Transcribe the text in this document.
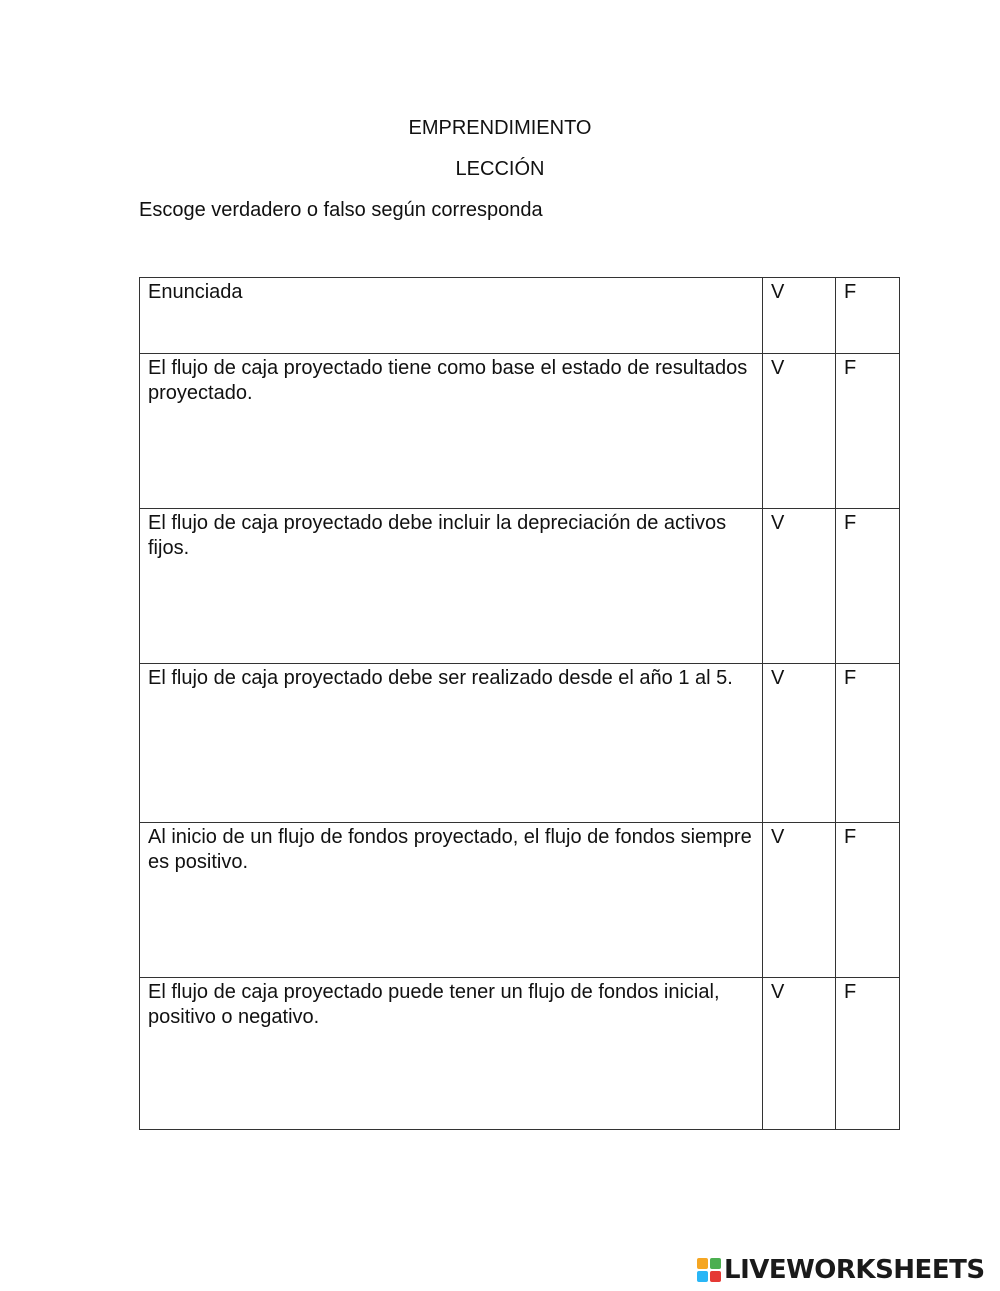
EMPRENDIMIENTO
LECCIÓN
Escoge verdadero o falso según corresponda
Enunciada	V	F
El flujo de caja proyectado tiene como base el estado de resultados proyectado.	V	F
El flujo de caja proyectado debe incluir la depreciación de activos fijos.	V	F
El flujo de caja proyectado debe ser realizado desde el año 1 al 5.	V	F
Al inicio de un flujo de fondos proyectado, el flujo de fondos siempre es positivo.	V	F
El flujo de caja proyectado puede tener un flujo de fondos inicial, positivo o negativo.	V	F
LIVEWORKSHEETS
